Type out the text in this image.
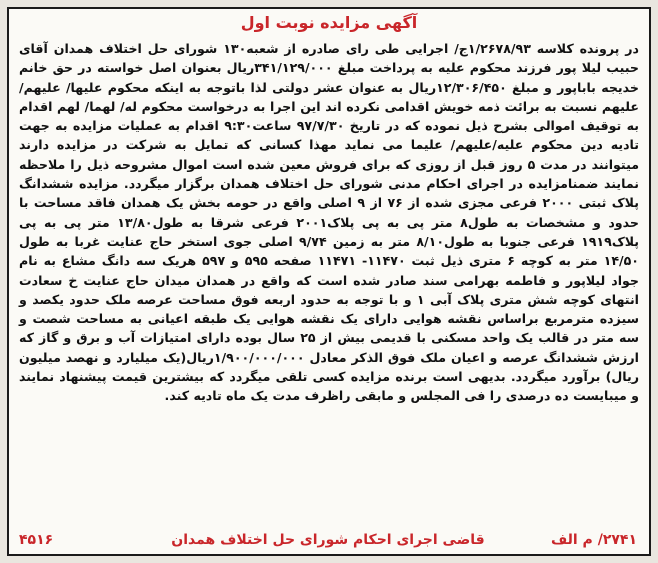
آگهی مزایده نوبت اول
در پرونده کلاسه ۱/۲۶۷۸/۹۳ج/ اجرایی طی رای صادره از شعبه۱۳۰ شورای حل اختلاف همدان آقای حبیب لیلا پور فرزند محکوم علیه به پرداخت مبلغ ۳۴۱/۱۲۹/۰۰۰ریال بعنوان اصل خواسته در حق خانم خدیجه باباپور و مبلغ ۱۲/۳۰۶/۴۵۰ریال به عنوان عشر دولتی لذا باتوجه به اینکه محکوم علیها/ علیهم/علیهم نسبت به برائت ذمه خویش اقدامی نکرده اند این اجرا به درخواست محکوم له/ لهما/ لهم اقدام به توقیف اموالی بشرح ذیل نموده که در تاریخ ۹۷/۷/۳۰ ساعت۹:۳۰ اقدام به عملیات مزایده به جهت تادیه دین محکوم علیه/علیهم/ علیما می نماید مهذا کسانی که تمایل به شرکت در مزایده دارند میتوانند در مدت ۵ روز قبل از روزی که برای فروش معین شده است اموال مشروحه ذیل را ملاحظه نمایند ضمنامزایده در اجرای احکام مدنی شورای حل اختلاف همدان برگزار میگردد. مزایده ششدانگ پلاک ثبتی ۲۰۰۰ فرعی مجزی شده از ۷۶ از ۹ اصلی واقع در حومه بخش یک همدان فاقد مساحت با حدود و مشخصات به طول۸ متر پی به پی پلاک۲۰۰۱ فرعی شرقا به طول۱۳/۸۰ متر پی به پی پلاک۱۹۱۹ فرعی جنوبا به طول۸/۱۰ متر به زمین ۹/۷۴ اصلی جوی استخر حاج عنایت غربا به طول ۱۴/۵۰ متر به کوچه ۶ متری ذیل ثبت ۱۱۴۷۰- ۱۱۴۷۱ صفحه ۵۹۵ و ۵۹۷ هریک سه دانگ مشاع به نام جواد لیلاپور و فاطمه بهرامی سند صادر شده است که واقع در همدان میدان حاج عنایت خ سعادت انتهای کوچه شش متری پلاک آبی ۱ و با توجه به حدود اربعه فوق مساحت عرصه ملک حدود یکصد و سیزده مترمربع براساس نقشه هوایی دارای یک نقشه هوایی یک طبقه اعیانی به مساحت شصت و سه متر در قالب یک واحد مسکنی با قدیمی بیش از ۲۵ سال بوده دارای امتیازات آب و برق و گاز که ارزش ششدانگ عرصه و اعیان ملک فوق الذکر معادل ۱/۹۰۰/۰۰۰/۰۰۰ریال(یک میلیارد و نهصد میلیون ریال) برآورد میگردد. بدیهی است برنده مزایده کسی تلقی میگردد که بیشترین قیمت پیشنهاد نمایند و میبایست ده درصدی را فی المجلس و مابقی راظرف مدت یک ماه تادیه کند.
۴۵۱۶	قاضی اجرای احکام شورای حل اختلاف همدان	۲۷۴۱/ م الف
